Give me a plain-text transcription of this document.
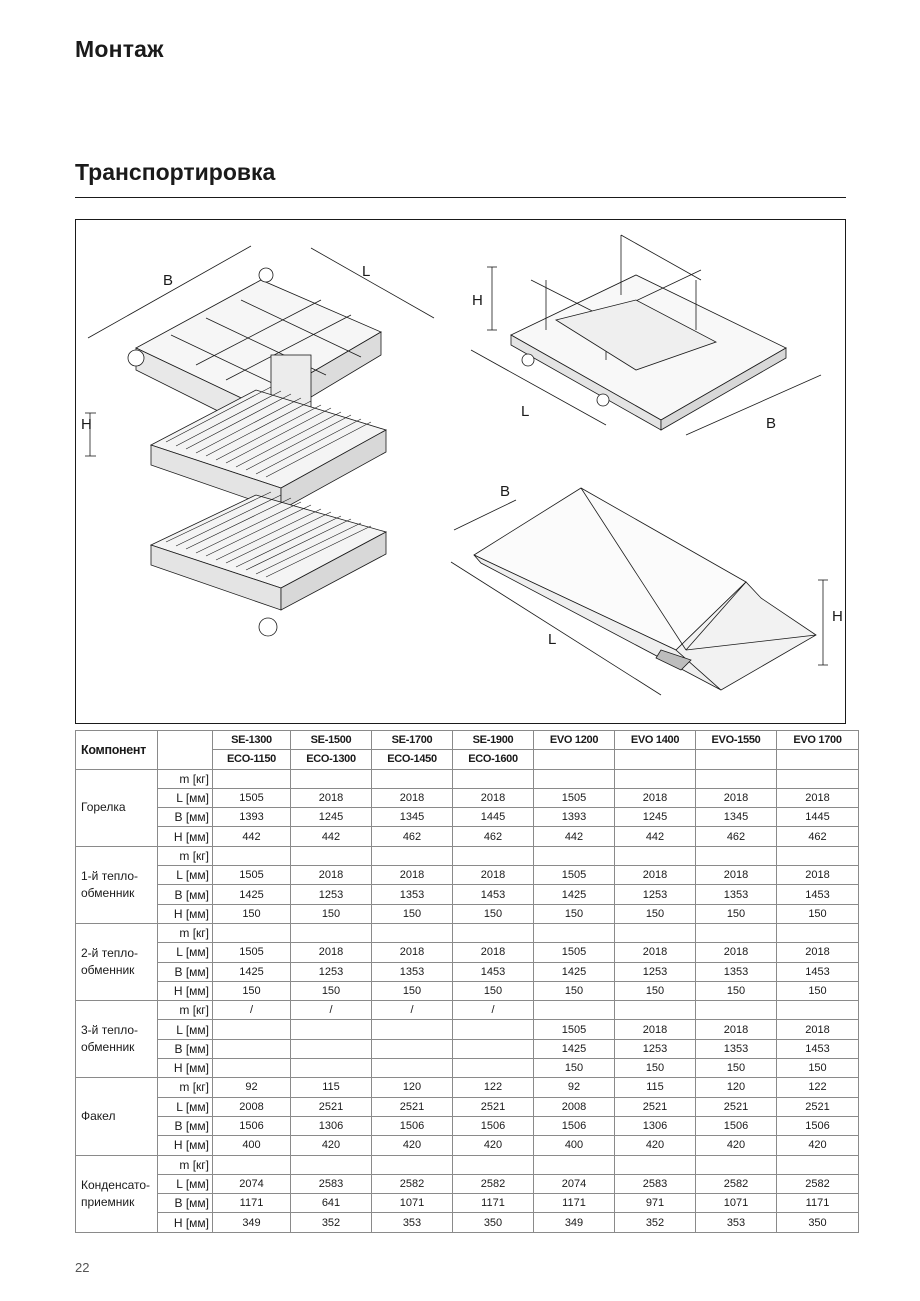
Монтаж
Транспортировка
B
L
H
H
L
B
B
L
H
Компонент		SE-1300	SE-1500	SE-1700	SE-1900	EVO 1200	EVO 1400	EVO-1550	EVO 1700
		ECO-1150	ECO-1300	ECO-1450	ECO-1600				
Горелка	m [кг]								
	L [мм]	1505	2018	2018	2018	1505	2018	2018	2018
	B [мм]	1393	1245	1345	1445	1393	1245	1345	1445
	H [мм]	442	442	462	462	442	442	462	462
1-й тепло-обменник	m [кг]								
	L [мм]	1505	2018	2018	2018	1505	2018	2018	2018
	B [мм]	1425	1253	1353	1453	1425	1253	1353	1453
	H [мм]	150	150	150	150	150	150	150	150
2-й тепло-обменник	m [кг]								
	L [мм]	1505	2018	2018	2018	1505	2018	2018	2018
	B [мм]	1425	1253	1353	1453	1425	1253	1353	1453
	H [мм]	150	150	150	150	150	150	150	150
3-й тепло-обменник	m [кг]	/	/	/	/				
	L [мм]					1505	2018	2018	2018
	B [мм]					1425	1253	1353	1453
	H [мм]					150	150	150	150
Факел	m [кг]	92	115	120	122	92	115	120	122
	L [мм]	2008	2521	2521	2521	2008	2521	2521	2521
	B [мм]	1506	1306	1506	1506	1506	1306	1506	1506
	H [мм]	400	420	420	420	400	420	420	420
Конденсато-приемник	m [кг]								
	L [мм]	2074	2583	2582	2582	2074	2583	2582	2582
	B [мм]	1171	641	1071	1171	1171	971	1071	1171
	H [мм]	349	352	353	350	349	352	353	350
22
